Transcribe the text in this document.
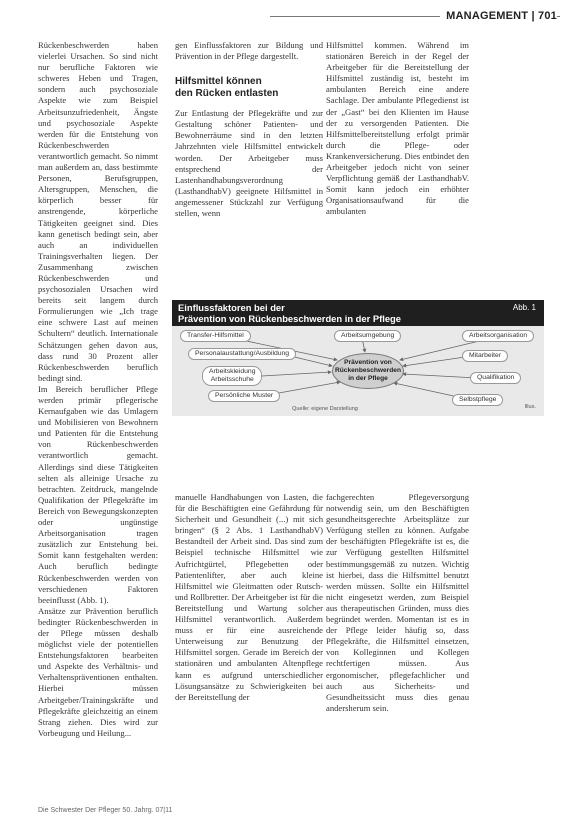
MANAGEMENT | 701

Rückenbeschwerden haben vielerlei Ursachen. So sind nicht nur berufliche Faktoren wie schweres Heben und Tragen, sondern auch psychosoziale Aspekte wie zum Beispiel Arbeitsunzufriedenheit, Ängste und psychosoziale Aspekte werden für die Entstehung von Rückenbeschwerden verantwortlich gemacht. So nimmt man außerdem an, dass bestimmte Personen, Berufsgruppen, Altersgruppen, Menschen, die körperlich besser für anstrengende, körperliche Tätigkeiten geeignet sind. Dies kann genetisch bedingt sein, aber auch an individuellen Trainingsverhalten liegen. Der Zusammenhang zwischen Rückenbeschwerden und psychosozialen Ursachen wird bereits seit langem durch Formulierungen wie „Ich trage eine schwere Last auf meinen Schultern“ deutlich. Internationale Schätzungen gehen davon aus, dass rund 30 Prozent aller Rückenbeschwerden beruflich bedingt sind.

Im Bereich beruflicher Pflege werden primär pflegerische Kernaufgaben wie das Umlagern und Mobilisieren von Bewohnern und Patienten für die Entstehung von Rückenbeschwerden verantwortlich gemacht. Allerdings sind diese Tätigkeiten selten als alleinige Ursache zu betrachten. Zeitdruck, mangelnde Qualifikation der Pflegekräfte im Bereich von Bewegungskonzepten oder ungünstige Arbeitsorganisation tragen zusätzlich zur Entstehung bei. Somit kann festgehalten werden: Auch beruflich bedingte Rückenbeschwerden werden von verschiedenen Faktoren beeinflusst (Abb. 1).

Ansätze zur Prävention beruflich bedingter Rückenbeschwerden in der Pflege müssen deshalb möglichst viele der potentiellen Entstehungsfaktoren bearbeiten und Aspekte des Verhältnis- und Verhaltenspräventionen enthalten. Hierbei müssen Arbeitgeber/Trainingskräfte und Pflegekräfte gleichzeitig an einem Strang ziehen. Dies wird zur Vorbeugung und Heilung...

gen Einflussfaktoren zur Bildung und Prävention in der Pflege dargestellt.

Hilfsmittel können
den Rücken entlasten

Zur Entlastung der Pflegekräfte und zur Gestaltung schöner Patienten- und Bewohnerräume sind in den letzten Jahrzehnten viele Hilfsmittel entwickelt worden. Der Arbeitgeber muss entsprechend der Lastenhandhabungsverordnung (LasthandhabV) geeignete Hilfsmittel in angemessener Stückzahl zur Verfügung stellen, wenn

Hilfsmittel kommen. Während im stationären Bereich in der Regel der Arbeitgeber für die Bereitstellung der Hilfsmittel zuständig ist, besteht im ambulanten Bereich eine andere Sachlage. Der ambulante Pflegedienst ist der „Gast“ bei den Klienten im Hause der zu versorgenden Patienten. Die Hilfsmittelbereitstellung erfolgt primär durch die Pflege- oder Krankenversicherung. Dies entbindet den Arbeitgeber jedoch nicht von seiner Verpflichtung gemäß der LasthandhabV. Somit kann jedoch ein erhöhter Organisationsaufwand für die ambulanten

Einflussfaktoren bei der
Prävention von Rückenbeschwerden in der Pflege
Abb. 1
Transfer-Hilfsmittel	Arbeitsumgebung	Arbeitsorganisation
Personalaustattung/Ausbildung	Mitarbeiter
Arbeitskleidung
Arbeitsschuhe	Qualifikation
Persönliche Muster
Selbstpflege
Prävention von
Rückenbeschwerden
in der Pflege
Quelle: eigene Darstellung	Illus.

manuelle Handhabungen von Lasten, die für die Beschäftigten eine Gefährdung für Sicherheit und Gesundheit (...) mit sich bringen“ (§ 2 Abs. 1 LasthandhabV) Bestandteil der Arbeit sind. Das sind zum Beispiel technische Hilfsmittel wie Aufrichtgürtel, Pflegebetten oder Patientenlifter, aber auch kleine Hilfsmittel wie Gleitmatten oder Rutsch- und Rollbretter. Der Arbeitgeber ist für die Bereitstellung und Wartung solcher Hilfsmittel verantwortlich. Außerdem muss er für eine ausreichende Unterweisung zur Benutzung der Hilfsmittel sorgen. Gerade im Bereich der stationären und ambulanten Altenpflege kann es aufgrund unterschiedlicher Lösungsansätze zu Schwierigkeiten bei der Bereitstellung der

fachgerechten Pflegeversorgung notwendig sein, um den Beschäftigten gesundheitsgerechte Arbeitsplätze zur Verfügung stellen zu können. Aufgabe der beschäftigten Pflegekräfte ist es, die zur Verfügung gestellten Hilfsmittel bestimmungsgemäß zu nutzen. Wichtig ist hierbei, dass die Hilfsmittel benutzt werden müssen. Sollte ein Hilfsmittel nicht eingesetzt werden, zum Beispiel aus therapeutischen Gründen, muss dies begründet werden. Momentan ist es in der Pflege leider häufig so, dass Pflegekräfte, die Hilfsmittel einsetzen, von Kolleginnen und Kollegen rechtfertigen müssen. Aus ergonomischer, pflegefachlicher und auch aus Sicherheits- und Gesundheitssicht muss dies genau andersherum sein.

Die Schwester Der Pfleger 50. Jahrg. 07|11
